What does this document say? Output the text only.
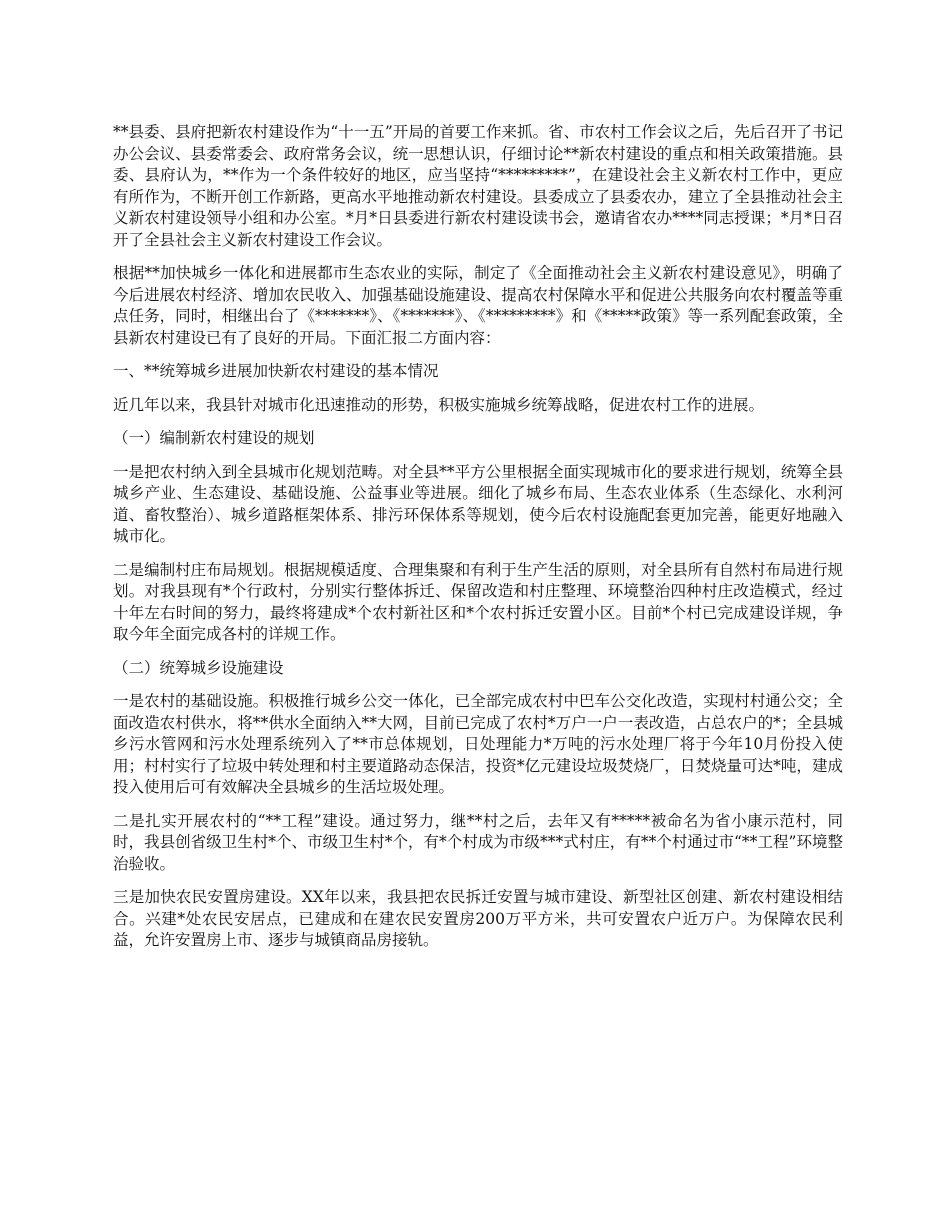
**县委、县府把新农村建设作为“十一五”开局的首要工作来抓。省、市农村工作会议之后，先后召开了书记办公会议、县委常委会、政府常务会议，统一思想认识，仔细讨论**新农村建设的重点和相关政策措施。县委、县府认为，**作为一个条件较好的地区，应当坚持“*********”，在建设社会主义新农村工作中，更应有所作为，不断开创工作新路，更高水平地推动新农村建设。县委成立了县委农办，建立了全县推动社会主义新农村建设领导小组和办公室。*月*日县委进行新农村建设读书会，邀请省农办****同志授课；*月*日召开了全县社会主义新农村建设工作会议。

根据**加快城乡一体化和进展都市生态农业的实际，制定了《全面推动社会主义新农村建设意见》，明确了今后进展农村经济、增加农民收入、加强基础设施建设、提高农村保障水平和促进公共服务向农村覆盖等重点任务，同时，相继出台了《*******》、《*******》、《*********》和《*****政策》等一系列配套政策，全县新农村建设已有了良好的开局。下面汇报二方面内容：

一、**统筹城乡进展加快新农村建设的基本情况

近几年以来，我县针对城市化迅速推动的形势，积极实施城乡统筹战略，促进农村工作的进展。

（一）编制新农村建设的规划

一是把农村纳入到全县城市化规划范畴。对全县**平方公里根据全面实现城市化的要求进行规划，统筹全县城乡产业、生态建设、基础设施、公益事业等进展。细化了城乡布局、生态农业体系（生态绿化、水利河道、畜牧整治）、城乡道路框架体系、排污环保体系等规划，使今后农村设施配套更加完善，能更好地融入城市化。

二是编制村庄布局规划。根据规模适度、合理集聚和有利于生产生活的原则，对全县所有自然村布局进行规划。对我县现有*个行政村，分别实行整体拆迁、保留改造和村庄整理、环境整治四种村庄改造模式，经过十年左右时间的努力，最终将建成*个农村新社区和*个农村拆迁安置小区。目前*个村已完成建设详规，争取今年全面完成各村的详规工作。

（二）统筹城乡设施建设

一是农村的基础设施。积极推行城乡公交一体化，已全部完成农村中巴车公交化改造，实现村村通公交；全面改造农村供水，将**供水全面纳入**大网，目前已完成了农村*万户一户一表改造，占总农户的*；全县城乡污水管网和污水处理系统列入了**市总体规划，日处理能力*万吨的污水处理厂将于今年10月份投入使用；村村实行了垃圾中转处理和村主要道路动态保洁，投资*亿元建设垃圾焚烧厂，日焚烧量可达*吨，建成投入使用后可有效解决全县城乡的生活垃圾处理。

二是扎实开展农村的“**工程”建设。通过努力，继**村之后，去年又有*****被命名为省小康示范村，同时，我县创省级卫生村*个、市级卫生村*个，有*个村成为市级***式村庄，有**个村通过市“**工程”环境整治验收。

三是加快农民安置房建设。XX年以来，我县把农民拆迁安置与城市建设、新型社区创建、新农村建设相结合。兴建*处农民安居点，已建成和在建农民安置房200万平方米，共可安置农户近万户。为保障农民利益，允许安置房上市、逐步与城镇商品房接轨。
